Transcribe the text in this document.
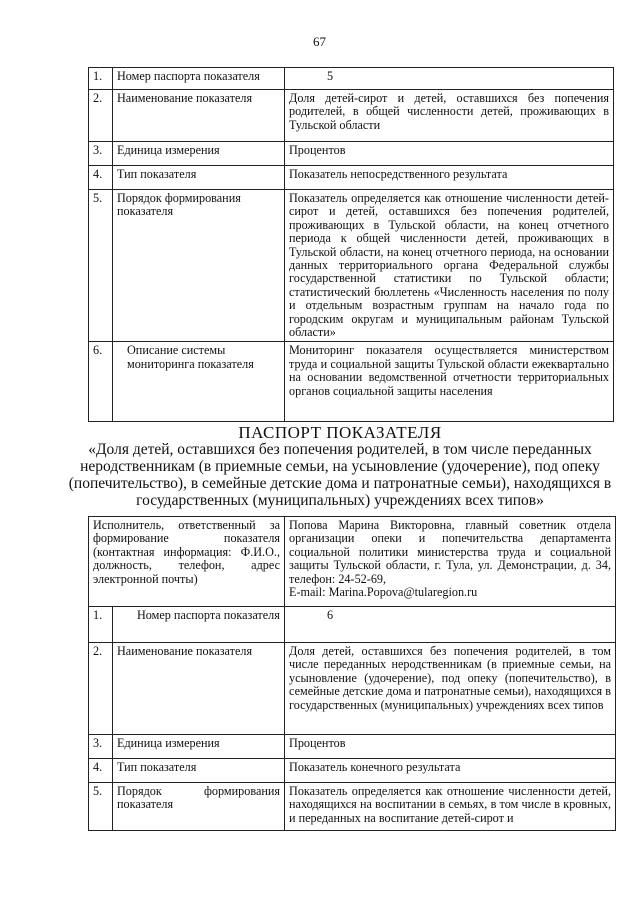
67
1.	Номер паспорта показателя	5
2.	Наименование показателя	Доля детей-сирот и детей, оставшихся без попечения родителей, в общей численности детей, проживающих в Тульской области
3.	Единица измерения	Процентов
4.	Тип показателя	Показатель непосредственного результата
5.	Порядок формирования показателя	Показатель определяется как отношение численности детей-сирот и детей, оставшихся без попечения родителей, проживающих в Тульской области, на конец отчетного периода к общей численности детей, проживающих в Тульской области, на конец отчетного периода, на основании данных территориального органа Федеральной службы государственной статистики по Тульской области; статистический бюллетень «Численность населения по полу и отдельным возрастным группам на начало года по городским округам и муниципальным районам Тульской области»
6.	Описание системы мониторинга показателя	Мониторинг показателя осуществляется министерством труда и социальной защиты Тульской области ежеквартально на основании ведомственной отчетности территориальных органов социальной защиты населения
ПАСПОРТ ПОКАЗАТЕЛЯ
«Доля детей, оставшихся без попечения родителей, в том числе переданных неродственникам (в приемные семьи, на усыновление (удочерение), под опеку (попечительство), в семейные детские дома и патронатные семьи), находящихся в государственных (муниципальных) учреждениях всех типов»
Исполнитель, ответственный за формирование показателя (контактная информация: Ф.И.О., должность, телефон, адрес электронной почты)		Попова Марина Викторовна, главный советник отдела организации опеки и попечительства департамента социальной политики министерства труда и социальной защиты Тульской области, г. Тула, ул. Демонстрации, д. 34, телефон: 24-52-69,
E-mail: Marina.Popova@tularegion.ru
1.	Номер паспорта показателя	6
2.	Наименование показателя	Доля детей, оставшихся без попечения родителей, в том числе переданных неродственникам (в приемные семьи, на усыновление (удочерение), под опеку (попечительство), в семейные детские дома и патронатные семьи), находящихся в государственных (муниципальных) учреждениях всех типов
3.	Единица измерения	Процентов
4.	Тип показателя	Показатель конечного результата
5.	Порядок формирования показателя	Показатель определяется как отношение численности детей, находящихся на воспитании в семьях, в том числе в кровных, и переданных на воспитание детей-сирот и
